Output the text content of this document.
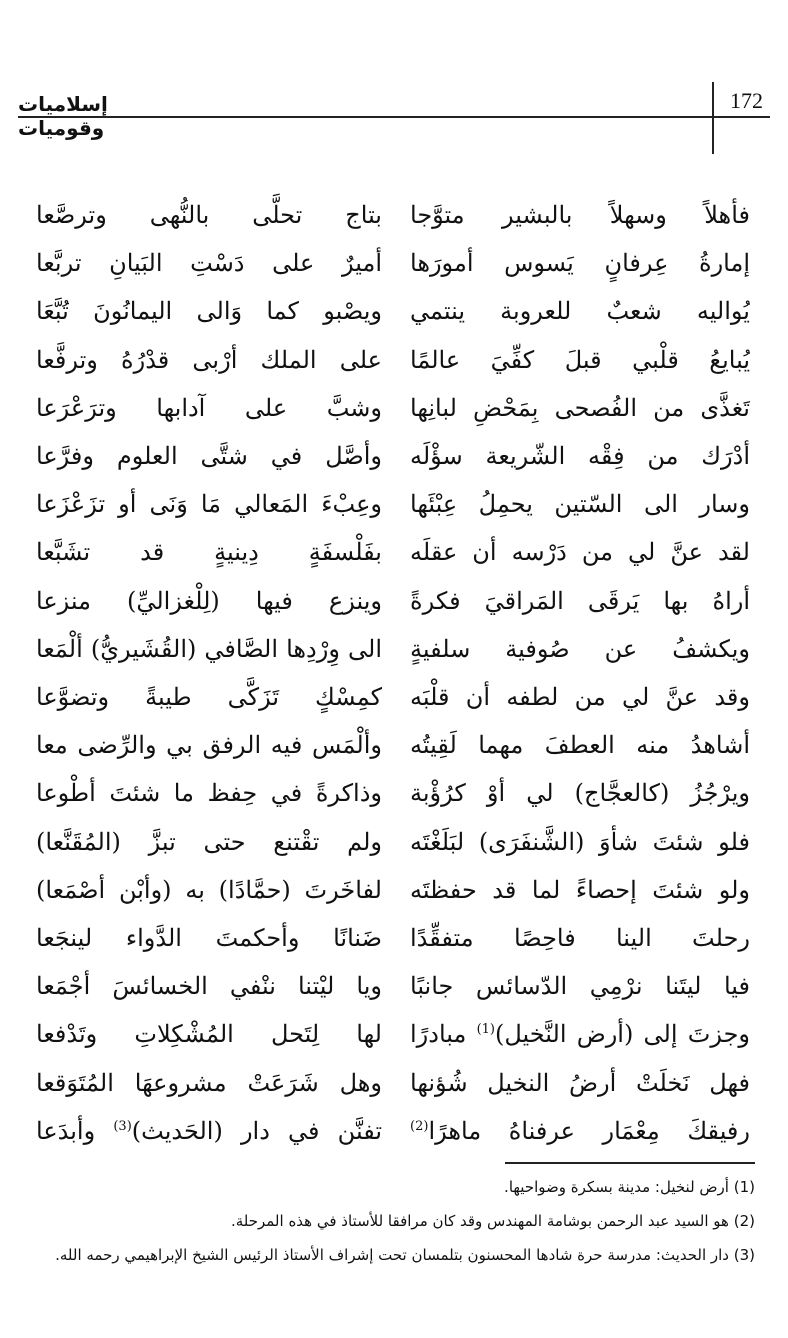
172
إسلاميات وقوميات
فأهلاً وسهلاً بالبشير متوَّجا
بتاج تحلَّى بالنُّهى وترصَّعا
إمارةُ عِرفانٍ يَسوس أمورَها
أميرٌ على دَسْتِ البَيانِ تربَّعا
يُواليه شعبٌ للعروبة ينتمي
ويصْبو كما وَالى اليمانُونَ تُبَّعَا
يُبايعُ قلْبي قبلَ كفِّيَ عالمًا
على الملك أرْبى قدْرُهُ وترفَّعا
تَغذَّى من الفُصحى بِمَحْضِ لبانِها
وشبَّ على آدابها وترَعْرَعا
أدْرَك من فِقْه الشّريعة سؤْلَه
وأصَّل في شتَّى العلوم وفرَّعا
وسار الى السّتين يحمِلُ عِبْئَها
وعِبْءَ المَعالي مَا وَنَى أو تزَعْزَعا
لقد عنَّ لي من دَرْسه أن عقلَه
بفَلْسفَةٍ دِينيةٍ قد تشَبَّعا
أراهُ بها يَرقَى المَراقيَ فكرةً
وينزع فيها (لِلْغزاليِّ) منزعا
ويكشفُ عن صُوفية سلفيةٍ
الى وِرْدِها الصَّافي (القُشَيريُّ) ألْمَعا
وقد عنَّ لي من لطفه أن قلْبَه
كمِسْكٍ تَزَكَّى طيبةً وتضوَّعا
أشاهدُ منه العطفَ مهما لَقِيتُه
وألْمَس فيه الرفق بي والرِّضى معا
ويرْجُزُ (كالعجَّاج) لي أوْ كرُؤْبة
وذاكرةً في حِفظ ما شئتَ أطْوعا
فلو شئتَ شأوَ (الشَّنفَرَى) لبَلَغْتَه
ولم تقْتنع حتى تبزَّ (المُقَنَّعا)
ولو شئتَ إحصاءً لما قد حفظتَه
لفاخَرتَ (حمَّادًا) به (وأبْن أصْمَعا)
رحلتَ الينا فاحِصًا متفقِّدًا
ضَنانًا وأحكمتَ الدَّواء لينجَعا
فيا ليتَنا نرْمِي الدّسائس جانبًا
ويا ليْتنا ننْفي الخسائسَ أجْمَعا
وجزتَ إلى (أرض النَّخيل)$^{(1)}$ مبادرًا
لها لِتَحل المُشْكِلاتِ وتَدْفعا
فهل نَخلَتْ أرضُ النخيل شُؤنها
وهل شَرَعَتْ مشروعهَا المُتَوَقعا
رفيقكَ مِعْمَار عرفناهُ ماهرًا$^{(2)}$
تفنَّن في دار (الحَديث)$^{(3)}$ وأبدَعا
(1) أرض لنخيل: مدينة بسكرة وضواحيها.
(2) هو السيد عبد الرحمن بوشامة المهندس وقد كان مرافقا للأستاذ في هذه المرحلة.
(3) دار الحديث: مدرسة حرة شادها المحسنون بتلمسان تحت إشراف الأستاذ الرئيس الشيخ الإبراهيمي رحمه الله.
